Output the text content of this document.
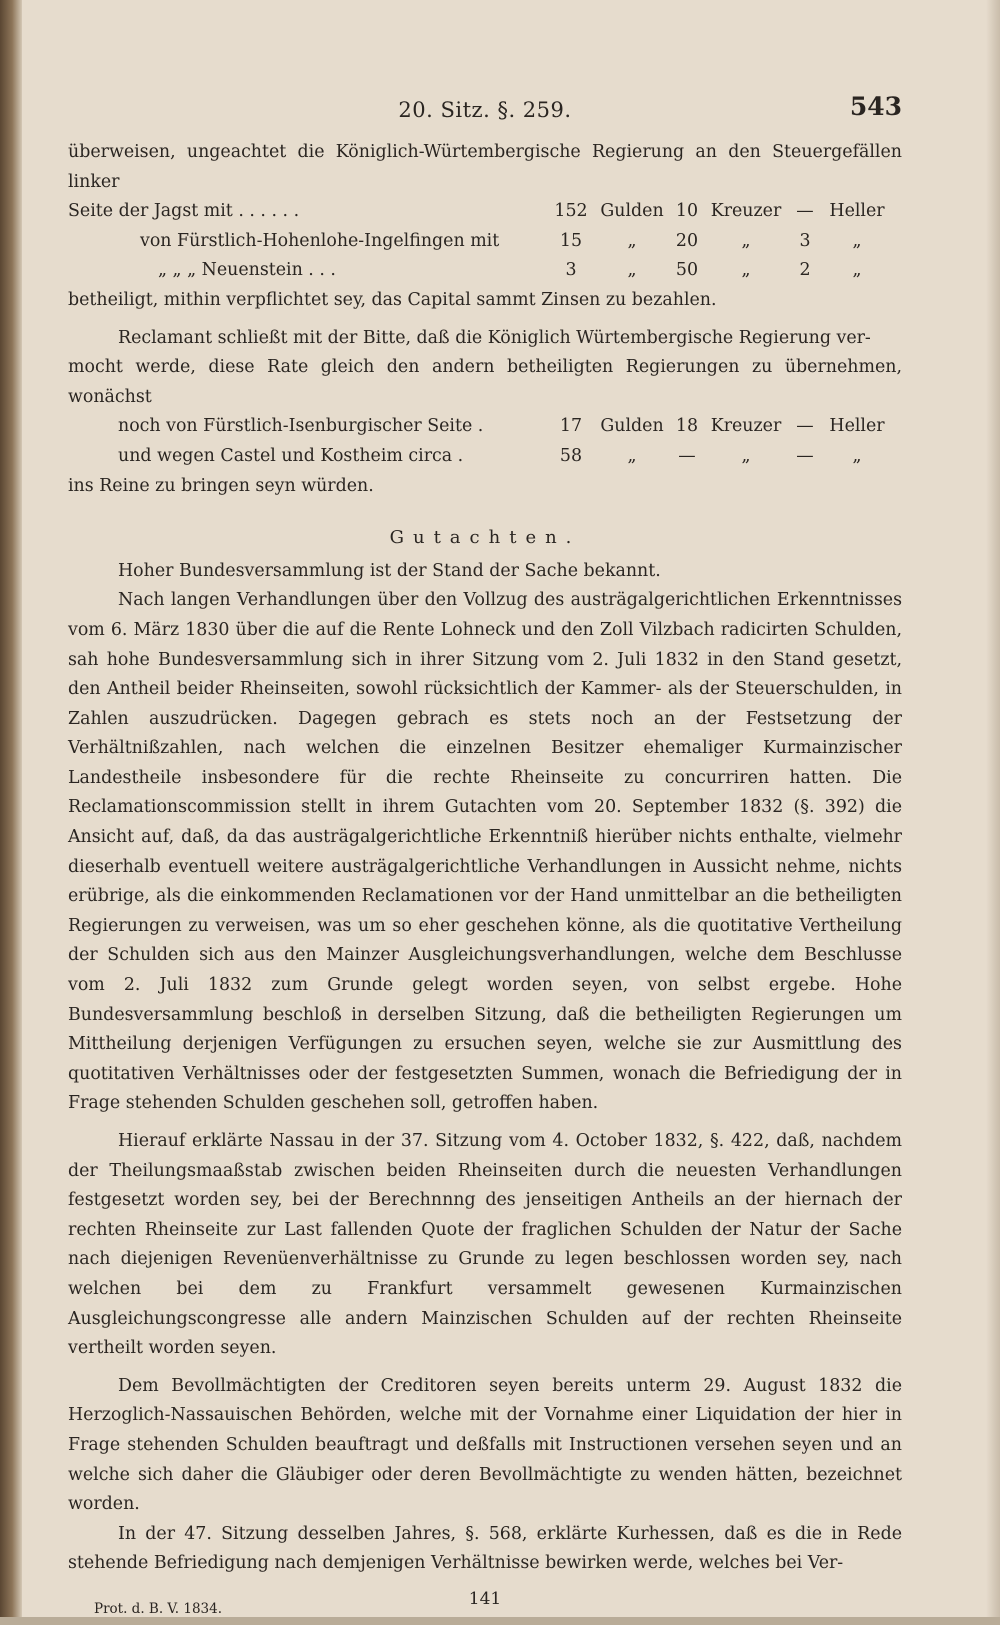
20. Sitz. §. 259.	543

überweisen, ungeachtet die Königlich-Würtembergische Regierung an den Steuergefällen linker

Seite der Jagst mit . . . . . .	152 Gulden 10 Kreuzer — Heller
von Fürstlich-Hohenlohe-Ingelfingen mit	15	„	20	„	3	„
„ „ „ Neuenstein . . .	3	„	50	„	2	„

betheiligt, mithin verpflichtet sey, das Capital sammt Zinsen zu bezahlen.

Reclamant schließt mit der Bitte, daß die Königlich Würtembergische Regierung ver-

mocht werde, diese Rate gleich den andern betheiligten Regierungen zu übernehmen, wonächst

noch von Fürstlich-Isenburgischer Seite .	17	Gulden 18 Kreuzer — Heller
und wegen Castel und Kostheim circa .	58	„	—	„	—	„

ins Reine zu bringen seyn würden.

Gutachten.

Hoher Bundesversammlung ist der Stand der Sache bekannt.

Nach langen Verhandlungen über den Vollzug des austrägalgerichtlichen Erkenntnisses vom 6. März 1830 über die auf die Rente Lohneck und den Zoll Vilzbach radicirten Schulden, sah hohe Bundesversammlung sich in ihrer Sitzung vom 2. Juli 1832 in den Stand gesetzt, den Antheil beider Rheinseiten, sowohl rücksichtlich der Kammer- als der Steuerschulden, in Zahlen auszudrücken. Dagegen gebrach es stets noch an der Festsetzung der Verhältnißzahlen, nach welchen die einzelnen Besitzer ehemaliger Kurmainzischer Landestheile insbesondere für die rechte Rheinseite zu concurriren hatten. Die Reclamationscommission stellt in ihrem Gutachten vom 20. September 1832 (§. 392) die Ansicht auf, daß, da das austrägalgerichtliche Erkenntniß hierüber nichts enthalte, vielmehr dieserhalb eventuell weitere austrägalgerichtliche Verhandlungen in Aussicht nehme, nichts erübrige, als die einkommenden Reclamationen vor der Hand unmittelbar an die betheiligten Regierungen zu verweisen, was um so eher geschehen könne, als die quotitative Vertheilung der Schulden sich aus den Mainzer Ausgleichungsverhandlungen, welche dem Beschlusse vom 2. Juli 1832 zum Grunde gelegt worden seyen, von selbst ergebe. Hohe Bundesversammlung beschloß in derselben Sitzung, daß die betheiligten Regierungen um Mittheilung derjenigen Verfügungen zu ersuchen seyen, welche sie zur Ausmittlung des quotitativen Verhältnisses oder der festgesetzten Summen, wonach die Befriedigung der in Frage stehenden Schulden geschehen soll, getroffen haben.

Hierauf erklärte Nassau in der 37. Sitzung vom 4. October 1832, §. 422, daß, nachdem der Theilungsmaaßstab zwischen beiden Rheinseiten durch die neuesten Verhandlungen festgesetzt worden sey, bei der Berechnnng des jenseitigen Antheils an der hiernach der rechten Rheinseite zur Last fallenden Quote der fraglichen Schulden der Natur der Sache nach diejenigen Revenüenverhältnisse zu Grunde zu legen beschlossen worden sey, nach welchen bei dem zu Frankfurt versammelt gewesenen Kurmainzischen Ausgleichungscongresse alle andern Mainzischen Schulden auf der rechten Rheinseite vertheilt worden seyen.

Dem Bevollmächtigten der Creditoren seyen bereits unterm 29. August 1832 die Herzoglich-Nassauischen Behörden, welche mit der Vornahme einer Liquidation der hier in Frage stehenden Schulden beauftragt und deßfalls mit Instructionen versehen seyen und an welche sich daher die Gläubiger oder deren Bevollmächtigte zu wenden hätten, bezeichnet worden.

In der 47. Sitzung desselben Jahres, §. 568, erklärte Kurhessen, daß es die in Rede stehende Befriedigung nach demjenigen Verhältnisse bewirken werde, welches bei Ver-

Prot. d. B. V. 1834.	141
